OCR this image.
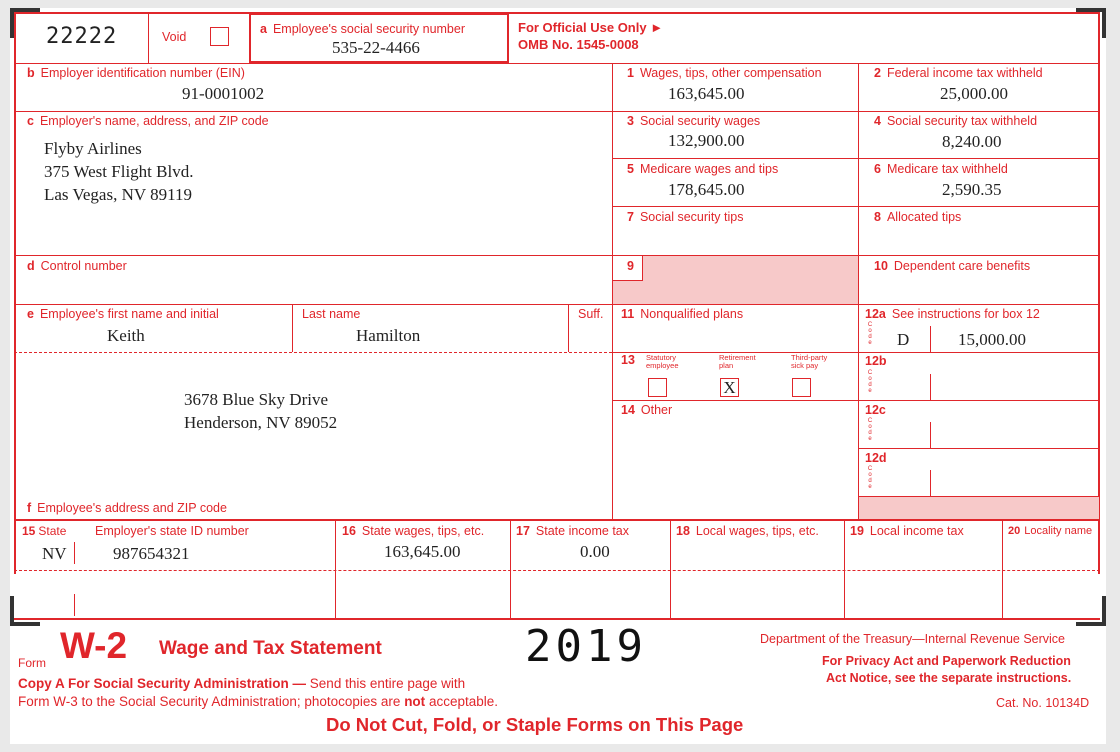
22222	Void
a Employee's social security number
535-22-4466
For Official Use Only ►
OMB No. 1545-0008
b Employer identification number (EIN)
91-0001002
c Employer's name, address, and ZIP code
Flyby Airlines
375 West Flight Blvd.
Las Vegas, NV 89119
d Control number
e Employee's first name and initial
Keith
Last name
Hamilton
Suff.
3678 Blue Sky Drive
Henderson, NV 89052
f Employee's address and ZIP code
1 Wages, tips, other compensation
163,645.00
2 Federal income tax withheld
25,000.00
3 Social security wages
132,900.00
4 Social security tax withheld
8,240.00
5 Medicare wages and tips
178,645.00
6 Medicare tax withheld
2,590.35
7 Social security tips	8 Allocated tips
9	10 Dependent care benefits
11 Nonqualified plans	12a See instructions for box 12
C
o
d
e D	15,000.00
13 Statutory
employee
Retirement
plan
Third-party
sick pay
X
12b
C
o
d
e
14 Other	12c
C
o
d
e
12d
C
o
d
e
15 State Employer's state ID number
NV	987654321
16 State wages, tips, etc.
163,645.00
17 State income tax
0.00
18 Local wages, tips, etc. 19 Local income tax	20 Locality name
Form W-2 Wage and Tax Statement	2019	Department of the Treasury—Internal Revenue Service
For Privacy Act and Paperwork Reduction
Act Notice, see the separate instructions.
Copy A For Social Security Administration — Send this entire page with
Form W-3 to the Social Security Administration; photocopies are not acceptable.	Cat. No. 10134D
Do Not Cut, Fold, or Staple Forms on This Page
